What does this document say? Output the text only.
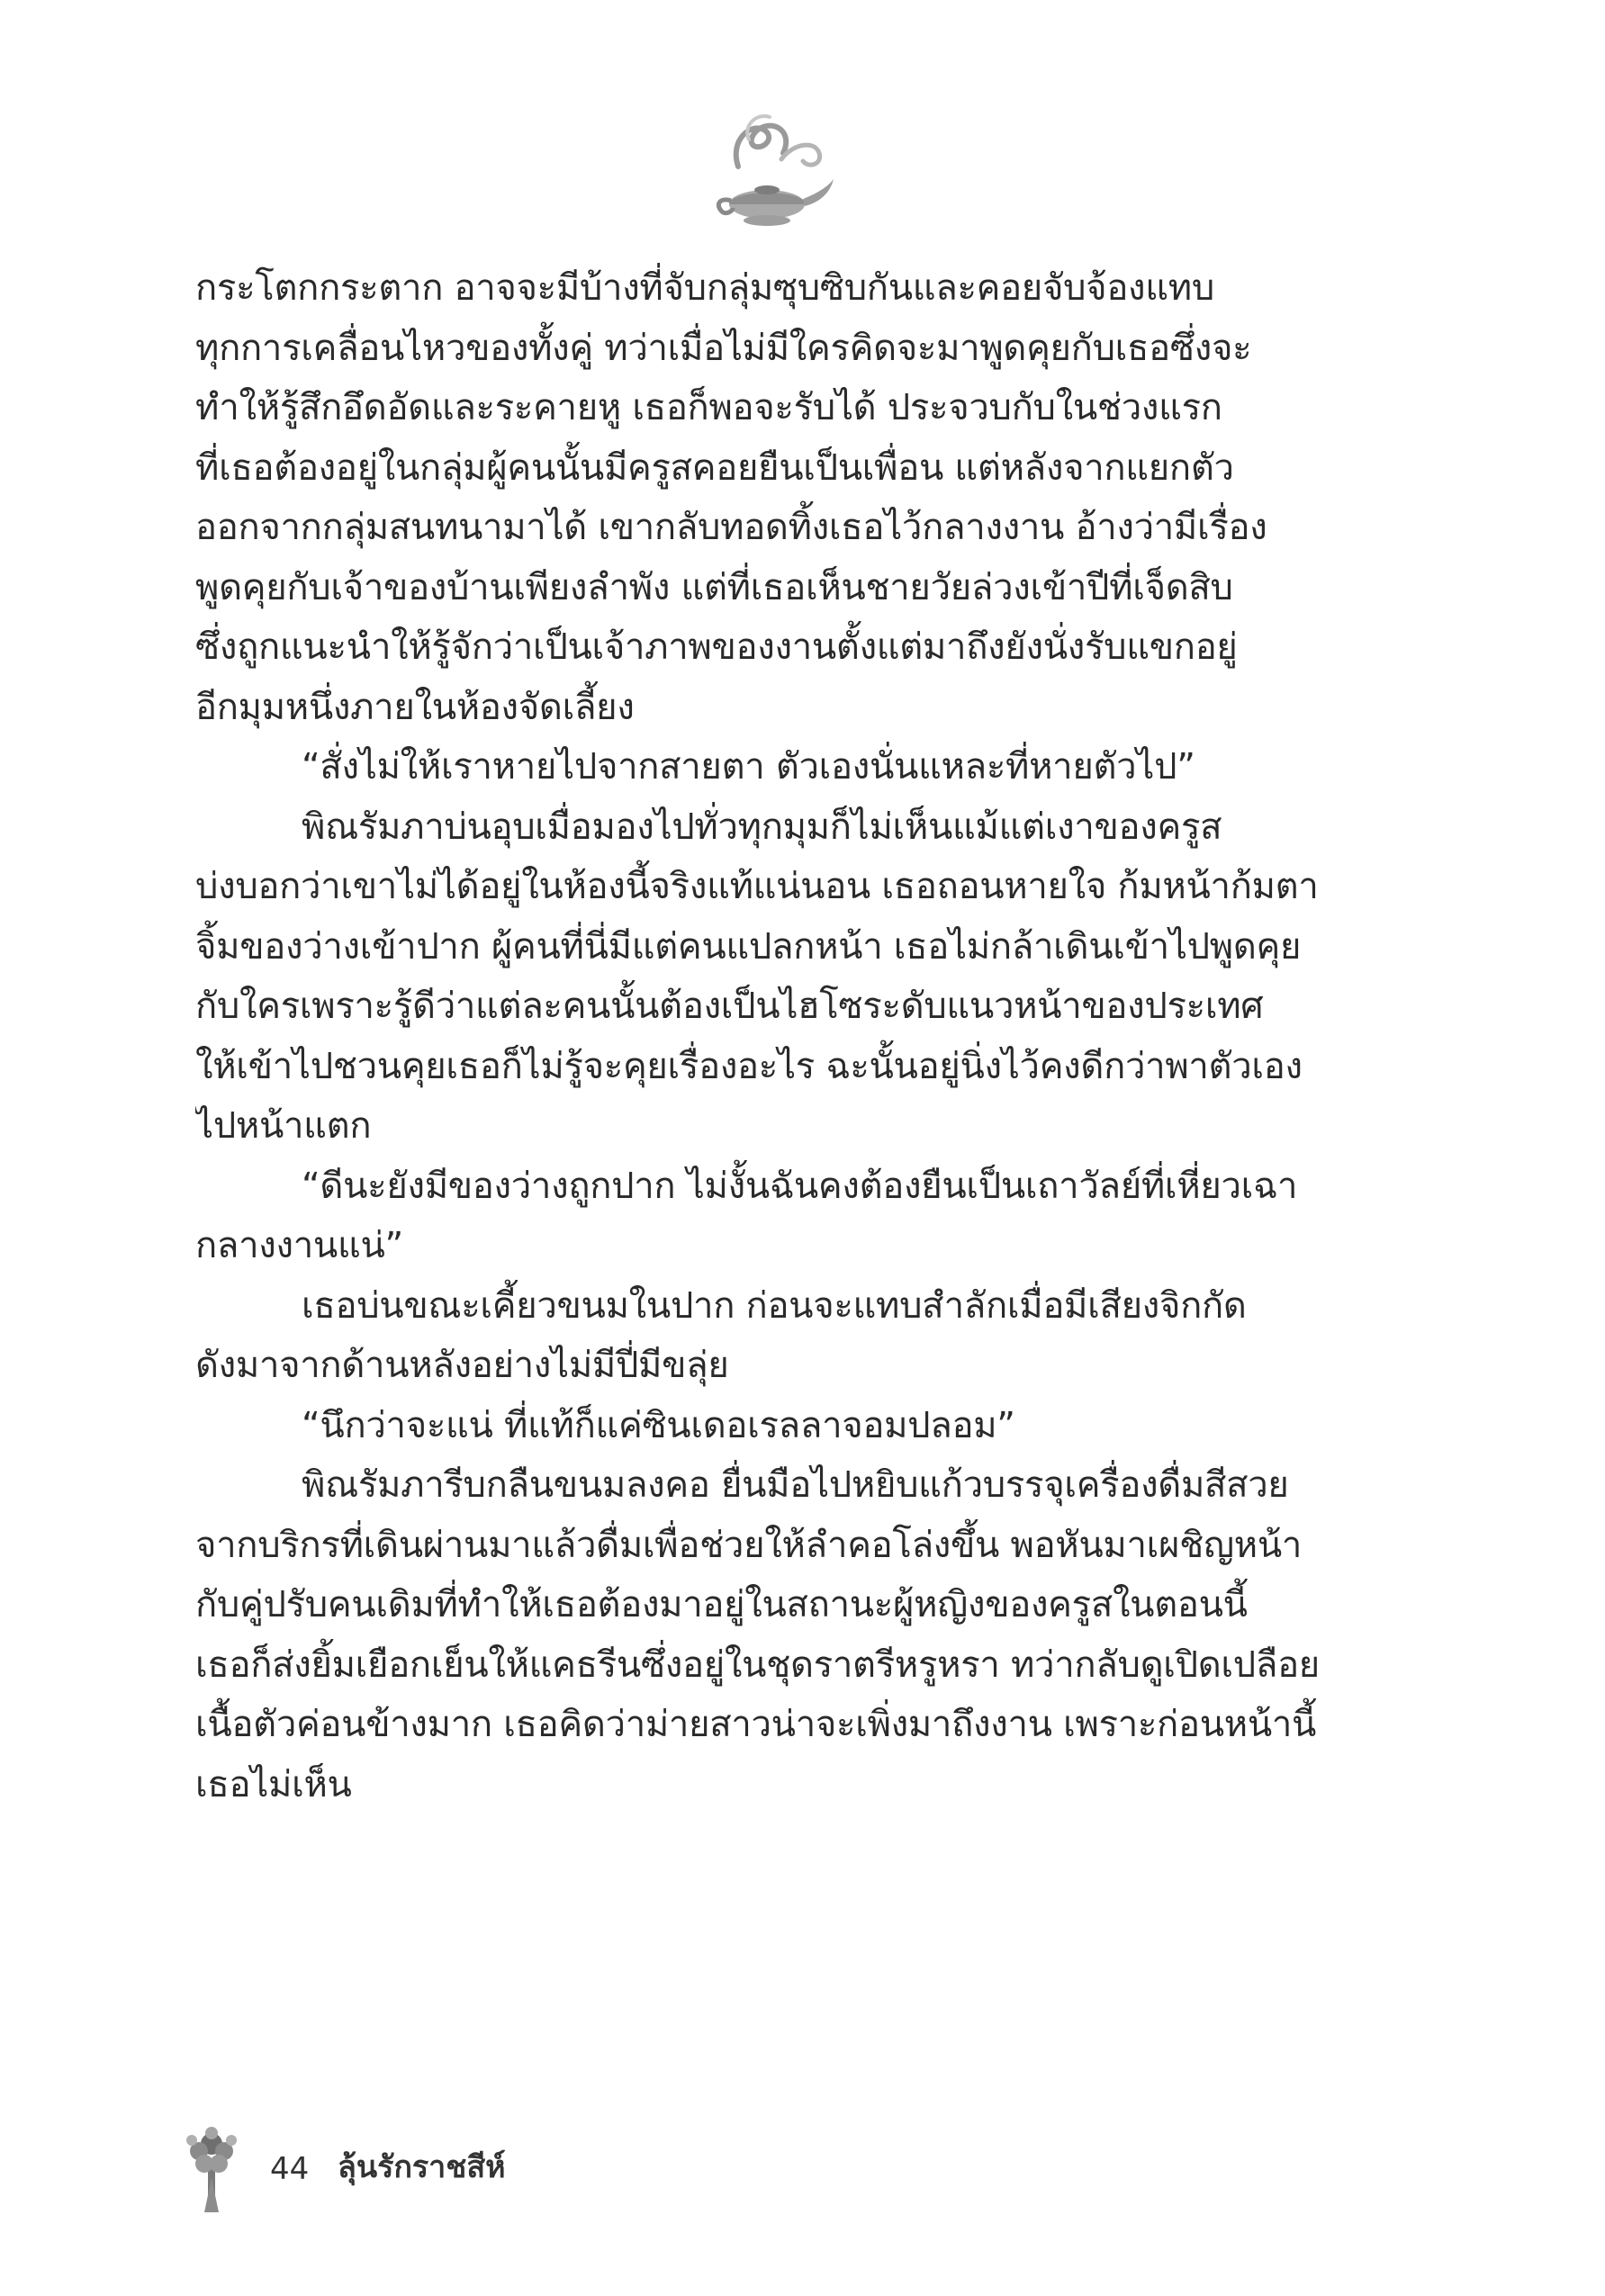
กระโตกกระตาก อาจจะมีบ้างที่จับกลุ่มซุบซิบกันและคอยจับจ้องแทบ
ทุกการเคลื่อนไหวของทั้งคู่ ทว่าเมื่อไม่มีใครคิดจะมาพูดคุยกับเธอซึ่งจะ
ทำให้รู้สึกอึดอัดและระคายหู เธอก็พอจะรับได้ ประจวบกับในช่วงแรก
ที่เธอต้องอยู่ในกลุ่มผู้คนนั้นมีครูสคอยยืนเป็นเพื่อน แต่หลังจากแยกตัว
ออกจากกลุ่มสนทนามาได้ เขากลับทอดทิ้งเธอไว้กลางงาน อ้างว่ามีเรื่อง
พูดคุยกับเจ้าของบ้านเพียงลำพัง แต่ที่เธอเห็นชายวัยล่วงเข้าปีที่เจ็ดสิบ
ซึ่งถูกแนะนำให้รู้จักว่าเป็นเจ้าภาพของงานตั้งแต่มาถึงยังนั่งรับแขกอยู่
อีกมุมหนึ่งภายในห้องจัดเลี้ยง
“สั่งไม่ให้เราหายไปจากสายตา ตัวเองนั่นแหละที่หายตัวไป”
พิณรัมภาบ่นอุบเมื่อมองไปทั่วทุกมุมก็ไม่เห็นแม้แต่เงาของครูส
บ่งบอกว่าเขาไม่ได้อยู่ในห้องนี้จริงแท้แน่นอน เธอถอนหายใจ ก้มหน้าก้มตา
จิ้มของว่างเข้าปาก ผู้คนที่นี่มีแต่คนแปลกหน้า เธอไม่กล้าเดินเข้าไปพูดคุย
กับใครเพราะรู้ดีว่าแต่ละคนนั้นต้องเป็นไฮโซระดับแนวหน้าของประเทศ
ให้เข้าไปชวนคุยเธอก็ไม่รู้จะคุยเรื่องอะไร ฉะนั้นอยู่นิ่งไว้คงดีกว่าพาตัวเอง
ไปหน้าแตก
“ดีนะยังมีของว่างถูกปาก ไม่งั้นฉันคงต้องยืนเป็นเถาวัลย์ที่เหี่ยวเฉา
กลางงานแน่”
เธอบ่นขณะเคี้ยวขนมในปาก ก่อนจะแทบสำลักเมื่อมีเสียงจิกกัด
ดังมาจากด้านหลังอย่างไม่มีปี่มีขลุ่ย
“นึกว่าจะแน่ ที่แท้ก็แค่ซินเดอเรลลาจอมปลอม”
พิณรัมภารีบกลืนขนมลงคอ ยื่นมือไปหยิบแก้วบรรจุเครื่องดื่มสีสวย
จากบริกรที่เดินผ่านมาแล้วดื่มเพื่อช่วยให้ลำคอโล่งขึ้น พอหันมาเผชิญหน้า
กับคู่ปรับคนเดิมที่ทำให้เธอต้องมาอยู่ในสถานะผู้หญิงของครูสในตอนนี้
เธอก็ส่งยิ้มเยือกเย็นให้แคธรีนซึ่งอยู่ในชุดราตรีหรูหรา ทว่ากลับดูเปิดเปลือย
เนื้อตัวค่อนข้างมาก เธอคิดว่าม่ายสาวน่าจะเพิ่งมาถึงงาน เพราะก่อนหน้านี้
เธอไม่เห็น
44 ลุ้นรักราชสีห์
